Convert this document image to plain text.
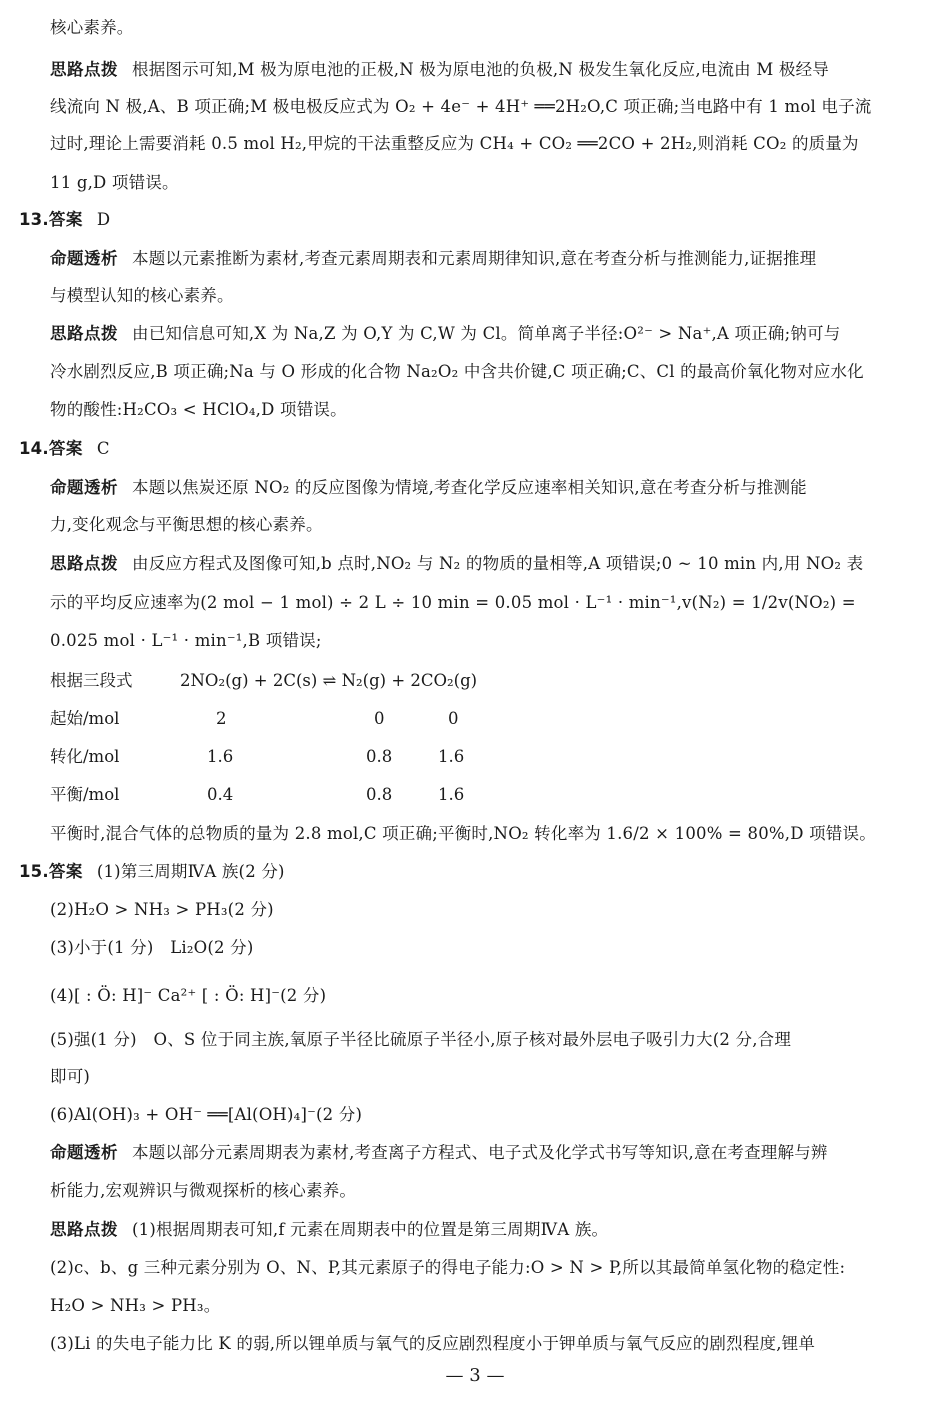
核心素养。
思路点拨 根据图示可知,M 极为原电池的正极,N 极为原电池的负极,N 极发生氧化反应,电流由 M 极经导
线流向 N 极,A、B 项正确;M 极电极反应式为 O₂ + 4e⁻ + 4H⁺ ══2H₂O,C 项正确;当电路中有 1 mol 电子流
过时,理论上需要消耗 0.5 mol H₂,甲烷的干法重整反应为 CH₄ + CO₂ ══2CO + 2H₂,则消耗 CO₂ 的质量为
11 g,D 项错误。
13.答案 D
命题透析 本题以元素推断为素材,考查元素周期表和元素周期律知识,意在考查分析与推测能力,证据推理
与模型认知的核心素养。
思路点拨 由已知信息可知,X 为 Na,Z 为 O,Y 为 C,W 为 Cl。简单离子半径:O²⁻ > Na⁺,A 项正确;钠可与
冷水剧烈反应,B 项正确;Na 与 O 形成的化合物 Na₂O₂ 中含共价键,C 项正确;C、Cl 的最高价氧化物对应水化
物的酸性:H₂CO₃ < HClO₄,D 项错误。
14.答案 C
命题透析 本题以焦炭还原 NO₂ 的反应图像为情境,考查化学反应速率相关知识,意在考查分析与推测能
力,变化观念与平衡思想的核心素养。
思路点拨 由反应方程式及图像可知,b 点时,NO₂ 与 N₂ 的物质的量相等,A 项错误;0 ~ 10 min 内,用 NO₂ 表
示的平均反应速率为(2 mol − 1 mol) ÷ 2 L ÷ 10 min = 0.05 mol · L⁻¹ · min⁻¹,v(N₂) = 1/2v(NO₂) =
0.025 mol · L⁻¹ · min⁻¹,B 项错误;
根据三段式	2NO₂(g) + 2C(s) ⇌ N₂(g) + 2CO₂(g)
起始/mol	2	0	0
转化/mol	1.6	0.8	1.6
平衡/mol	0.4	0.8	1.6
平衡时,混合气体的总物质的量为 2.8 mol,C 项正确;平衡时,NO₂ 转化率为 1.6/2 × 100% = 80%,D 项错误。
15.答案 (1)第三周期ⅣA 族(2 分)
(2)H₂O > NH₃ > PH₃(2 分)
(3)小于(1 分)　Li₂O(2 分)
(4)[ : Ö: H]⁻ Ca²⁺ [ : Ö: H]⁻(2 分)
(5)强(1 分)　O、S 位于同主族,氧原子半径比硫原子半径小,原子核对最外层电子吸引力大(2 分,合理
即可)
(6)Al(OH)₃ + OH⁻ ══[Al(OH)₄]⁻(2 分)
命题透析 本题以部分元素周期表为素材,考查离子方程式、电子式及化学式书写等知识,意在考查理解与辨
析能力,宏观辨识与微观探析的核心素养。
思路点拨 (1)根据周期表可知,f 元素在周期表中的位置是第三周期ⅣA 族。
(2)c、b、g 三种元素分别为 O、N、P,其元素原子的得电子能力:O > N > P,所以其最简单氢化物的稳定性:
H₂O > NH₃ > PH₃。
(3)Li 的失电子能力比 K 的弱,所以锂单质与氧气的反应剧烈程度小于钾单质与氧气反应的剧烈程度,锂单
— 3 —
